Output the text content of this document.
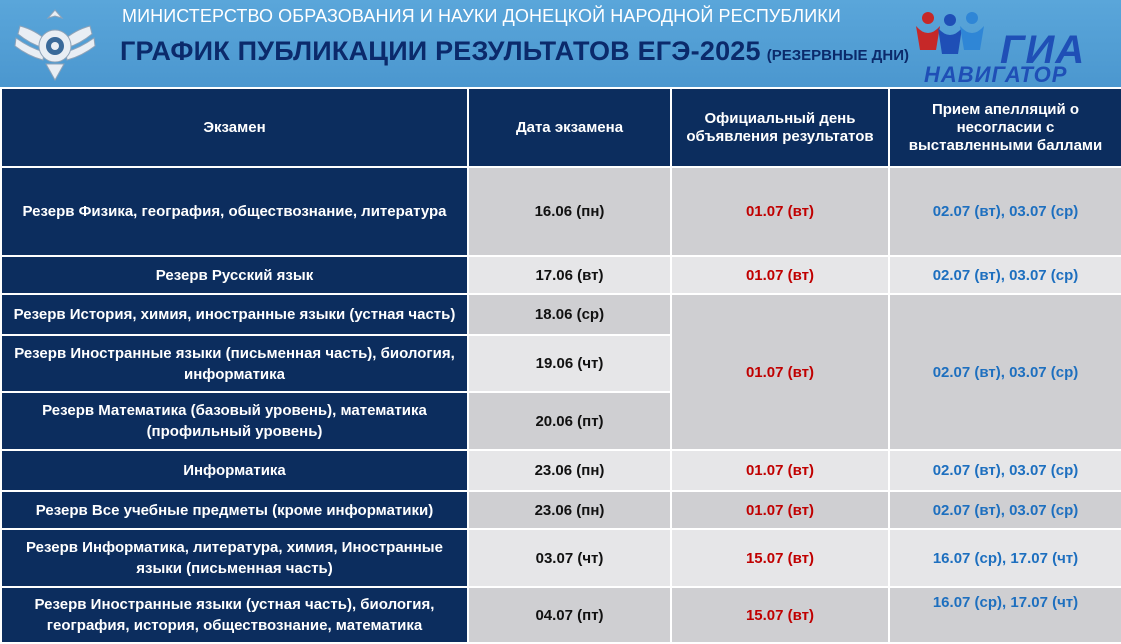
МИНИСТЕРСТВО ОБРАЗОВАНИЯ И НАУКИ ДОНЕЦКОЙ НАРОДНОЙ РЕСПУБЛИКИ
ГРАФИК ПУБЛИКАЦИИ РЕЗУЛЬТАТОВ ЕГЭ-2025 (РЕЗЕРВНЫЕ ДНИ) ГИА
НАВИГАТОР
Экзамен	Дата экзамена	Официальный день объявления результатов	Прием апелляций о несогласии с выставленными баллами
Резерв Физика, география, обществознание, литература	16.06 (пн)	01.07 (вт)	02.07 (вт), 03.07 (ср)
Резерв Русский язык	17.06 (вт)	01.07 (вт)	02.07 (вт), 03.07 (ср)
Резерв История, химия, иностранные языки (устная часть)	18.06 (ср)	01.07 (вт)	02.07 (вт), 03.07 (ср)
Резерв Иностранные языки (письменная часть), биология, информатика	19.06 (чт)		
Резерв Математика (базовый уровень), математика (профильный уровень)	20.06 (пт)		
Информатика	23.06 (пн)	01.07 (вт)	02.07 (вт), 03.07 (ср)
Резерв Все учебные предметы (кроме информатики)	23.06 (пн)	01.07 (вт)	02.07 (вт), 03.07 (ср)
Резерв Информатика, литература, химия, Иностранные языки (письменная часть)	03.07 (чт)	15.07 (вт)	16.07 (ср), 17.07 (чт)
Резерв Иностранные языки (устная часть), биология, география, история, обществознание, математика	04.07 (пт)	15.07 (вт)	16.07 (ср), 17.07 (чт)
